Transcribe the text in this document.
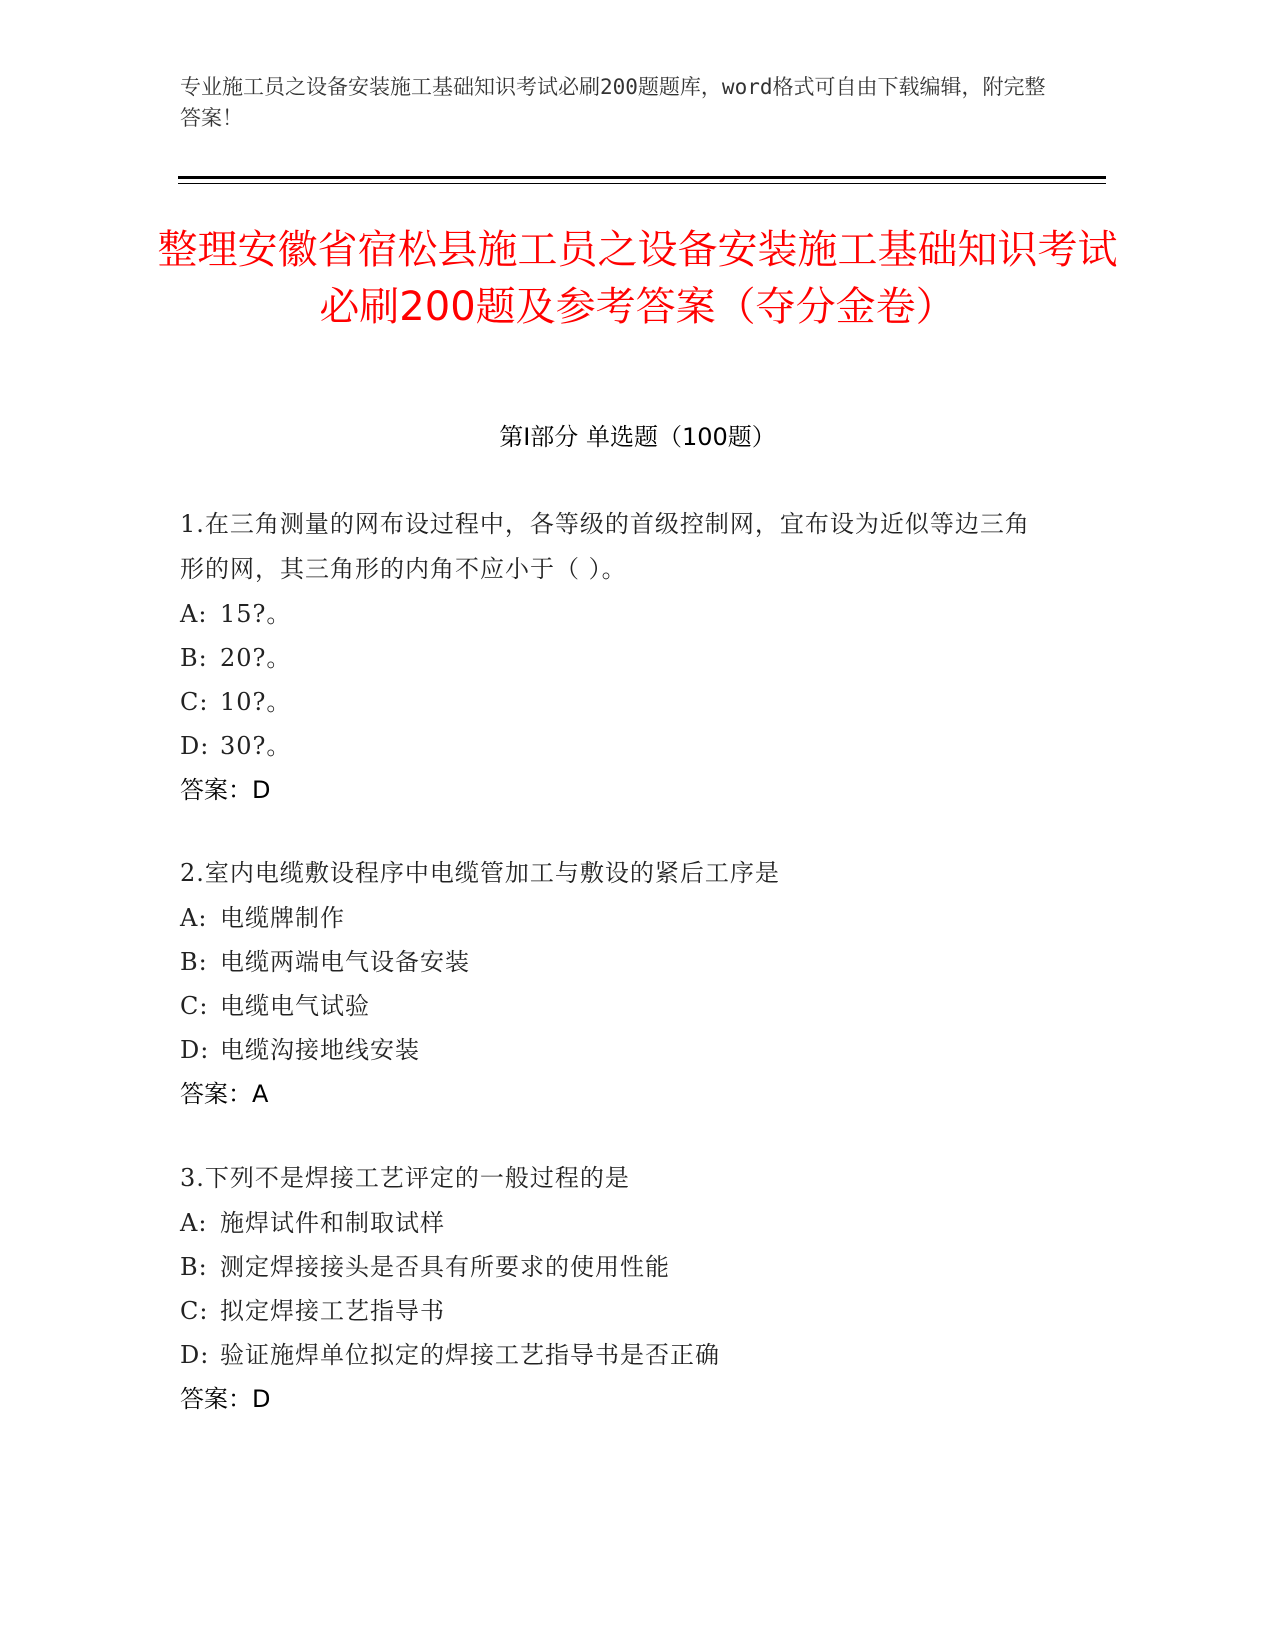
专业施工员之设备安装施工基础知识考试必刷200题题库，word格式可自由下载编辑，附完整答案！
整理安徽省宿松县施工员之设备安装施工基础知识考试必刷200题及参考答案（夺分金卷）
第I部分 单选题（100题）
1.在三角测量的网布设过程中，各等级的首级控制网，宜布设为近似等边三角形的网，其三角形的内角不应小于（ ）。
A: 15?。
B: 20?。
C: 10?。
D: 30?。
答案：D
2.室内电缆敷设程序中电缆管加工与敷设的紧后工序是
A: 电缆牌制作
B: 电缆两端电气设备安装
C: 电缆电气试验
D: 电缆沟接地线安装
答案：A
3.下列不是焊接工艺评定的一般过程的是
A: 施焊试件和制取试样
B: 测定焊接接头是否具有所要求的使用性能
C: 拟定焊接工艺指导书
D: 验证施焊单位拟定的焊接工艺指导书是否正确
答案：D
